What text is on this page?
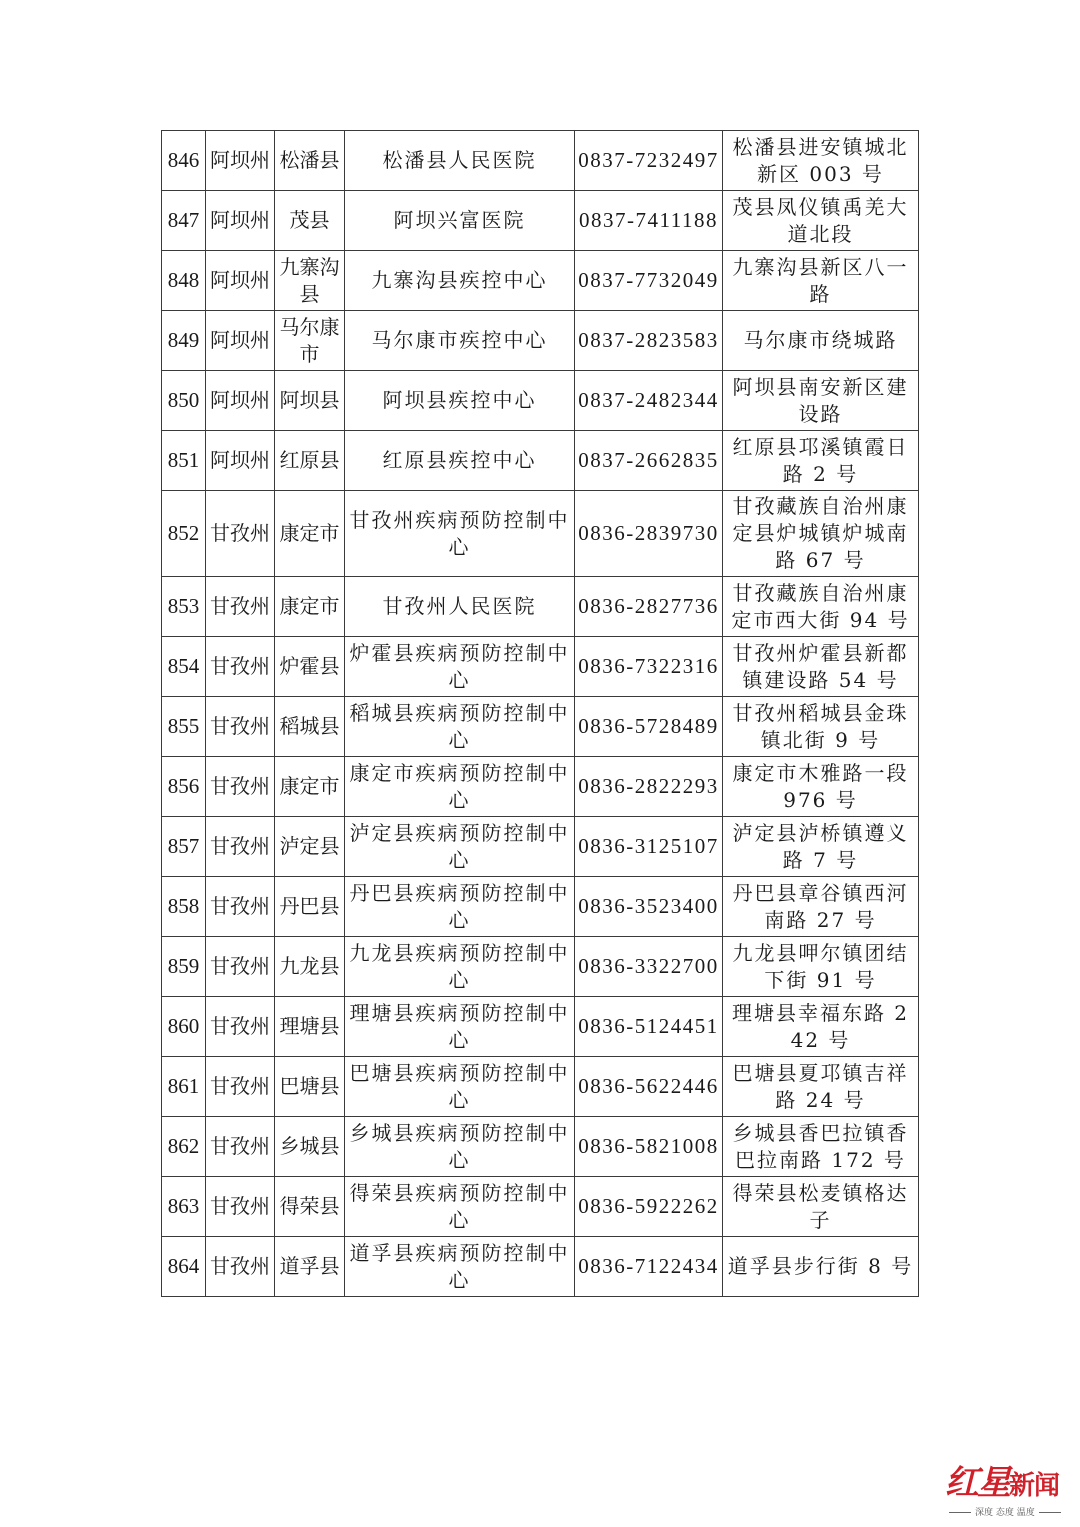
846	阿坝州	松潘县	松潘县人民医院	0837-7232497	松潘县进安镇城北新区 003 号
847	阿坝州	茂县	阿坝兴富医院	0837-7411188	茂县凤仪镇禹羌大道北段
848	阿坝州	九寨沟县	九寨沟县疾控中心	0837-7732049	九寨沟县新区八一路
849	阿坝州	马尔康市	马尔康市疾控中心	0837-2823583	马尔康市绕城路
850	阿坝州	阿坝县	阿坝县疾控中心	0837-2482344	阿坝县南安新区建设路
851	阿坝州	红原县	红原县疾控中心	0837-2662835	红原县邛溪镇霞日路 2 号
852	甘孜州	康定市	甘孜州疾病预防控制中心	0836-2839730	甘孜藏族自治州康定县炉城镇炉城南路 67 号
853	甘孜州	康定市	甘孜州人民医院	0836-2827736	甘孜藏族自治州康定市西大街 94 号
854	甘孜州	炉霍县	炉霍县疾病预防控制中心	0836-7322316	甘孜州炉霍县新都镇建设路 54 号
855	甘孜州	稻城县	稻城县疾病预防控制中心	0836-5728489	甘孜州稻城县金珠镇北街 9 号
856	甘孜州	康定市	康定市疾病预防控制中心	0836-2822293	康定市木雅路一段 976 号
857	甘孜州	泸定县	泸定县疾病预防控制中心	0836-3125107	泸定县泸桥镇遵义路 7 号
858	甘孜州	丹巴县	丹巴县疾病预防控制中心	0836-3523400	丹巴县章谷镇西河南路 27 号
859	甘孜州	九龙县	九龙县疾病预防控制中心	0836-3322700	九龙县呷尔镇团结下街 91 号
860	甘孜州	理塘县	理塘县疾病预防控制中心	0836-5124451	理塘县幸福东路 242 号
861	甘孜州	巴塘县	巴塘县疾病预防控制中心	0836-5622446	巴塘县夏邛镇吉祥路 24 号
862	甘孜州	乡城县	乡城县疾病预防控制中心	0836-5821008	乡城县香巴拉镇香巴拉南路 172 号
863	甘孜州	得荣县	得荣县疾病预防控制中心	0836-5922262	得荣县松麦镇格达子
864	甘孜州	道孚县	道孚县疾病预防控制中心	0836-7122434	道孚县步行街 8 号
红星新闻
深度 态度 温度
